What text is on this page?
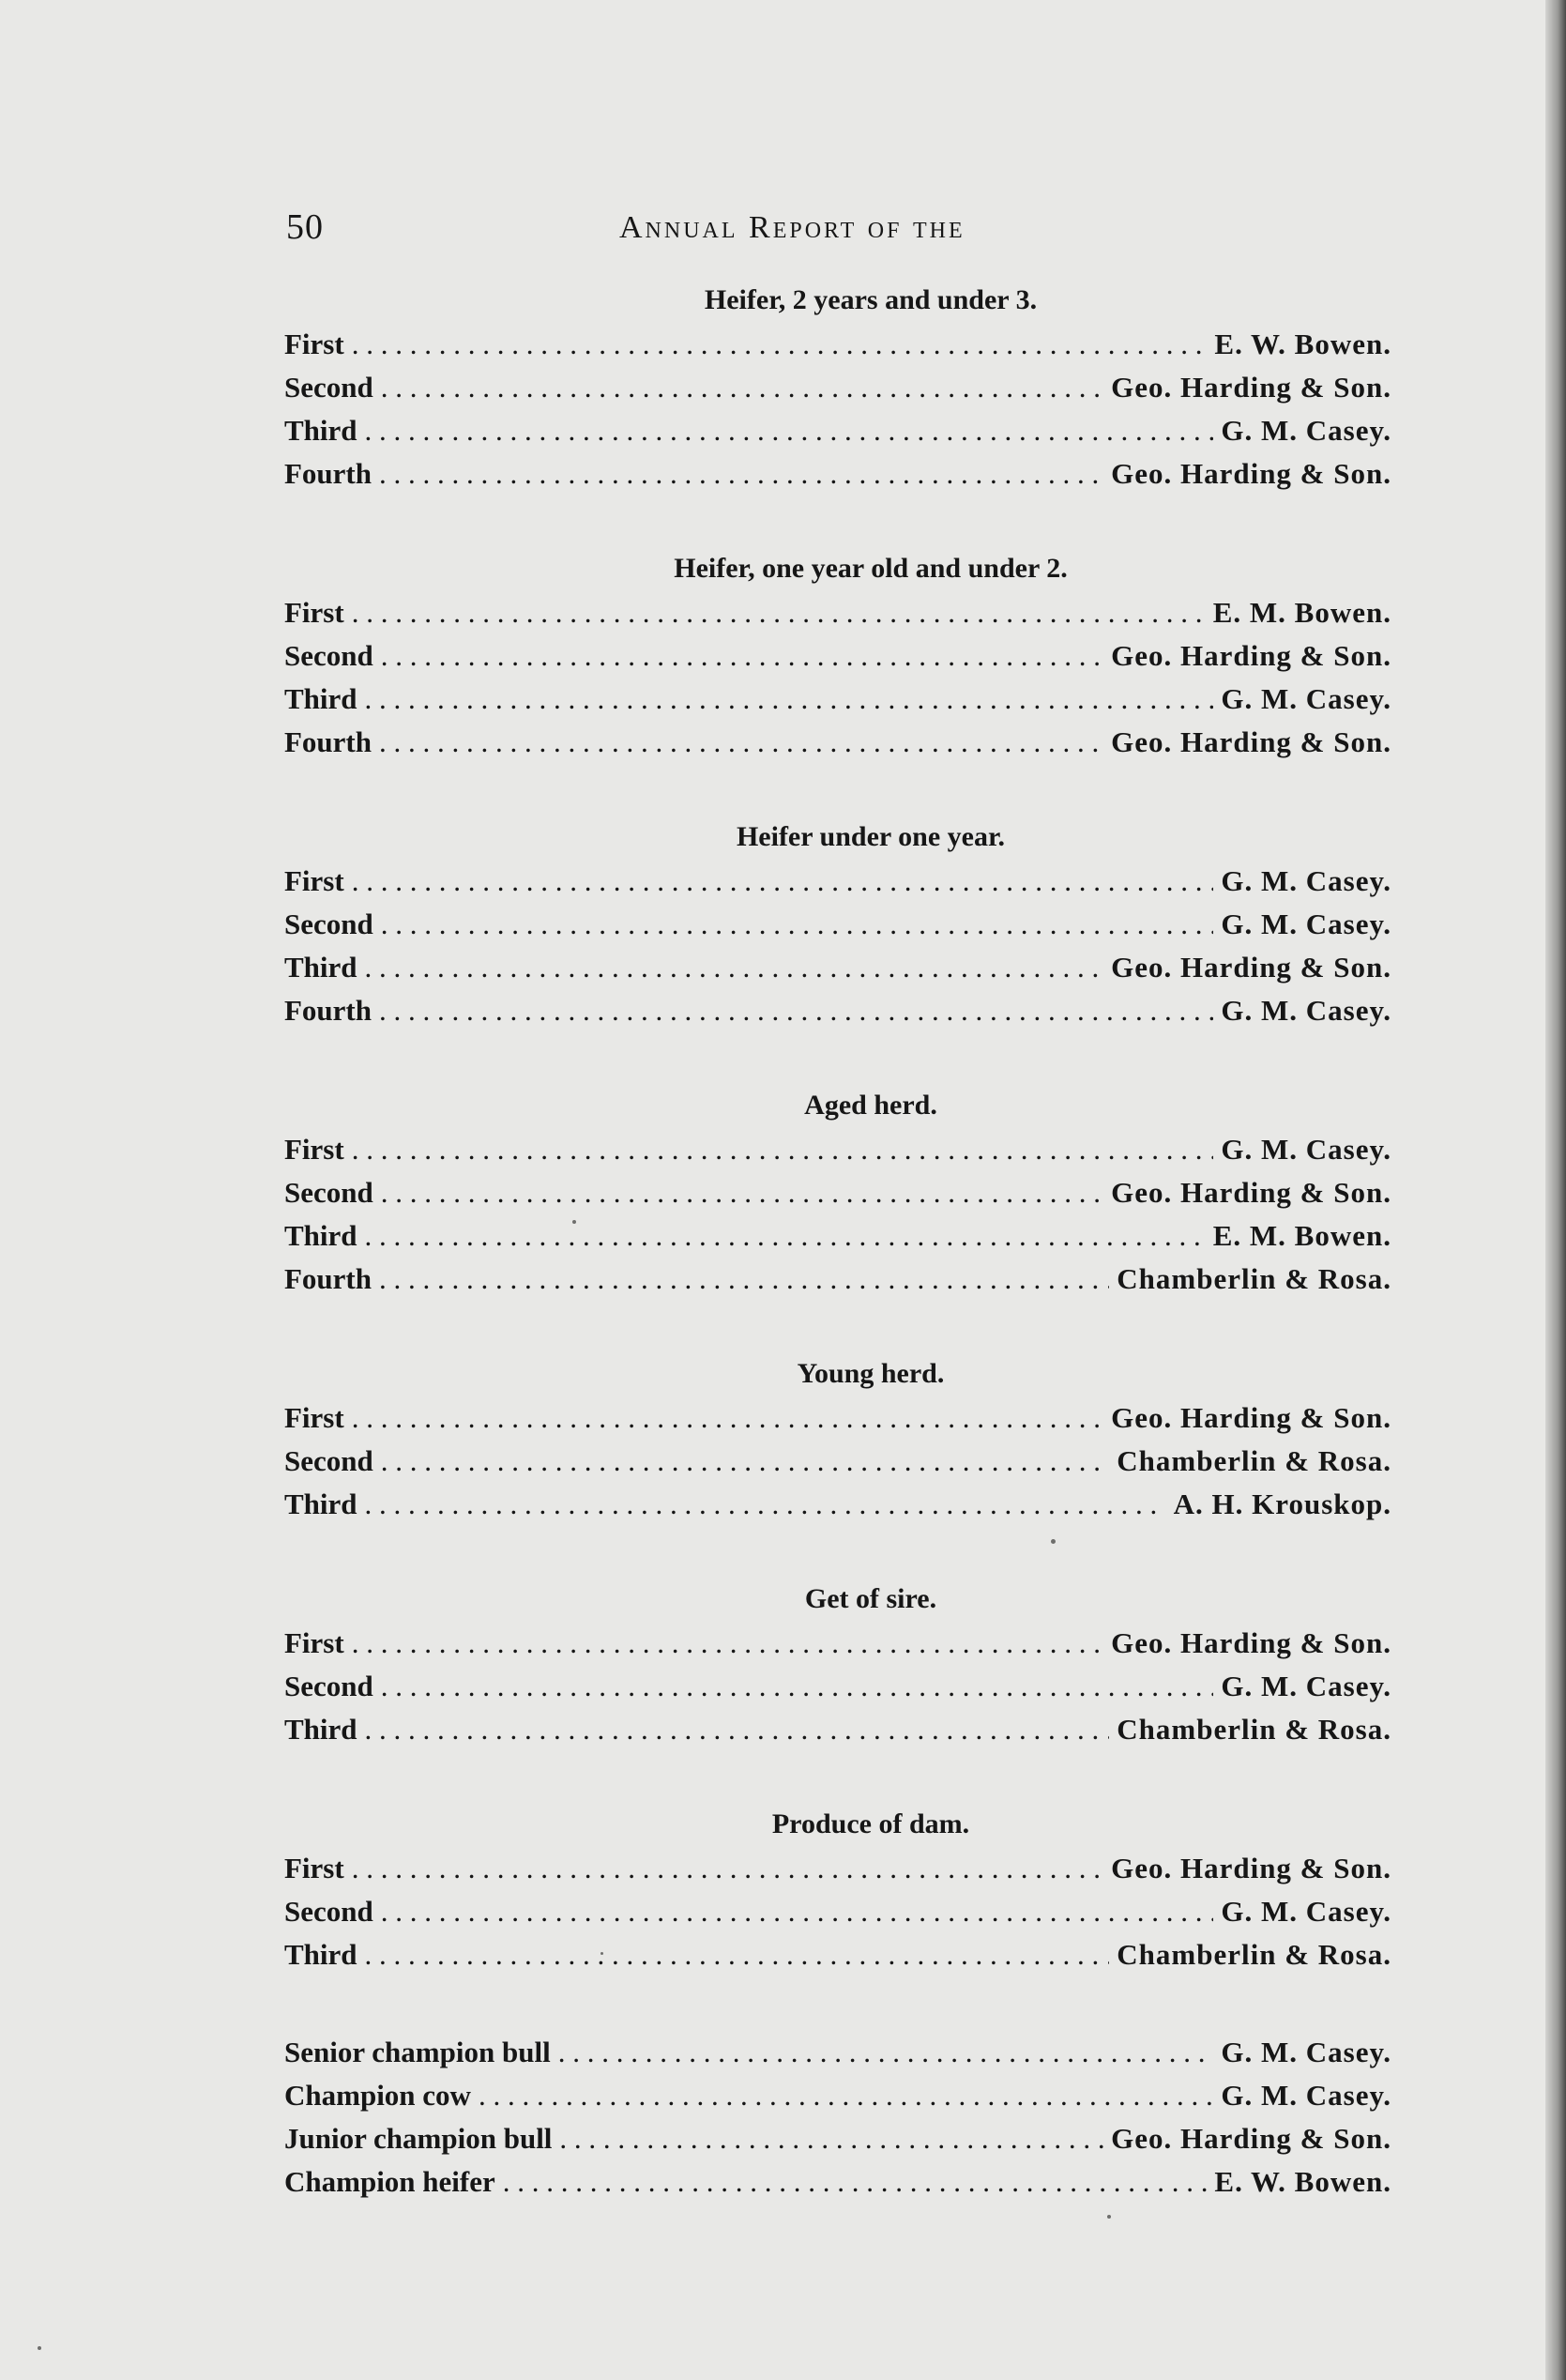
50	Annual Report of the
Heifer, 2 years and under 3.
First . . .	E. W. Bowen.
Second . . .	Geo. Harding & Son.
Third . . .	G. M. Casey.
Fourth . . .	Geo. Harding & Son.
Heifer, one year old and under 2.
First . . .	E. M. Bowen.
Second . . .	Geo. Harding & Son.
Third . . .	G. M. Casey.
Fourth . . .	Geo. Harding & Son.
Heifer under one year.
First . . .	G. M. Casey.
Second . . .	G. M. Casey.
Third . . .	Geo. Harding & Son.
Fourth . . .	G. M. Casey.
Aged herd.
First . . .	G. M. Casey.
Second . . .	Geo. Harding & Son.
Third . . .	E. M. Bowen.
Fourth . . .	Chamberlin & Rosa.
Young herd.
First . . .	Geo. Harding & Son.
Second . . .	Chamberlin & Rosa.
Third . . .	A. H. Krouskop.
Get of sire.
First . . .	Geo. Harding & Son.
Second . . .	G. M. Casey.
Third . . .	Chamberlin & Rosa.
Produce of dam.
First . . .	Geo. Harding & Son.
Second . . .	G. M. Casey.
Third . . .	Chamberlin & Rosa.
Senior champion bull . . .	G. M. Casey.
Champion cow . . .	G. M. Casey.
Junior champion bull . . .	Geo. Harding & Son.
Champion heifer . . .	E. W. Bowen.
